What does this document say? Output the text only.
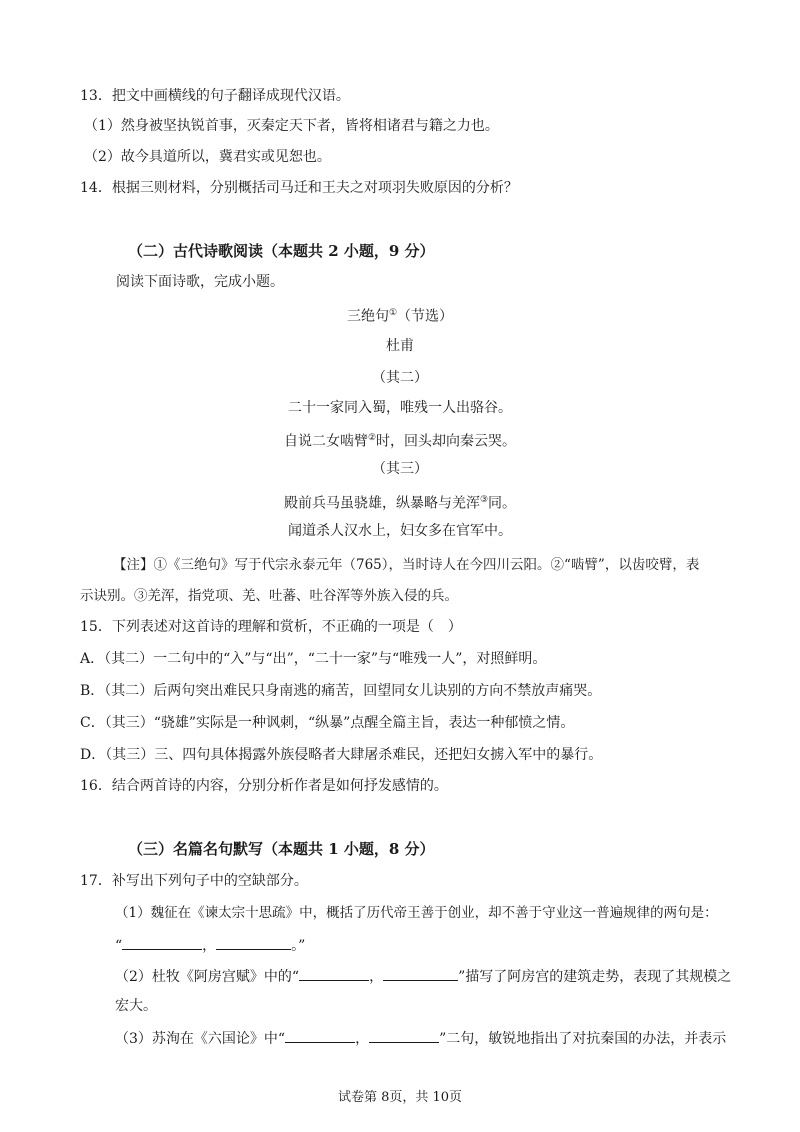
13．把文中画横线的句子翻译成现代汉语。
（1）然身被坚执锐首事，灭秦定天下者，皆将相诸君与籍之力也。
（2）故今具道所以，冀君实或见恕也。
14．根据三则材料，分别概括司马迁和王夫之对项羽失败原因的分析？
（二）古代诗歌阅读（本题共 2 小题，9 分）
阅读下面诗歌，完成小题。
三绝句①（节选）
杜甫
（其二）
二十一家同入蜀，唯残一人出骆谷。
自说二女啮臂②时，回头却向秦云哭。
（其三）
殿前兵马虽骁雄，纵暴略与羌浑③同。
闻道杀人汉水上，妇女多在官军中。
【注】①《三绝句》写于代宗永泰元年（765），当时诗人在今四川云阳。②“啮臂”，以齿咬臂，表
示诀别。③羌浑，指党项、羌、吐蕃、吐谷浑等外族入侵的兵。
15．下列表述对这首诗的理解和赏析，不正确的一项是（　）
A．（其二）一二句中的“入”与“出”，“二十一家”与“唯残一人”，对照鲜明。
B．（其二）后两句突出难民只身南逃的痛苦，回望同女儿诀别的方向不禁放声痛哭。
C．（其三）“骁雄”实际是一种讽刺，“纵暴”点醒全篇主旨，表达一种郁愤之情。
D．（其三）三、四句具体揭露外族侵略者大肆屠杀难民，还把妇女掳入军中的暴行。
16．结合两首诗的内容，分别分析作者是如何抒发感情的。
（三）名篇名句默写（本题共 1 小题，8 分）
17．补写出下列句子中的空缺部分。
（1）魏征在《谏太宗十思疏》中，概括了历代帝王善于创业，却不善于守业这一普遍规律的两句是：
“	，	。”
（2）杜牧《阿房宫赋》中的“	，	”描写了阿房宫的建筑走势，表现了其规模之
宏大。
（3）苏洵在《六国论》中“	，	”二句，敏锐地指出了对抗秦国的办法，并表示
试卷第 8页，共 10页
